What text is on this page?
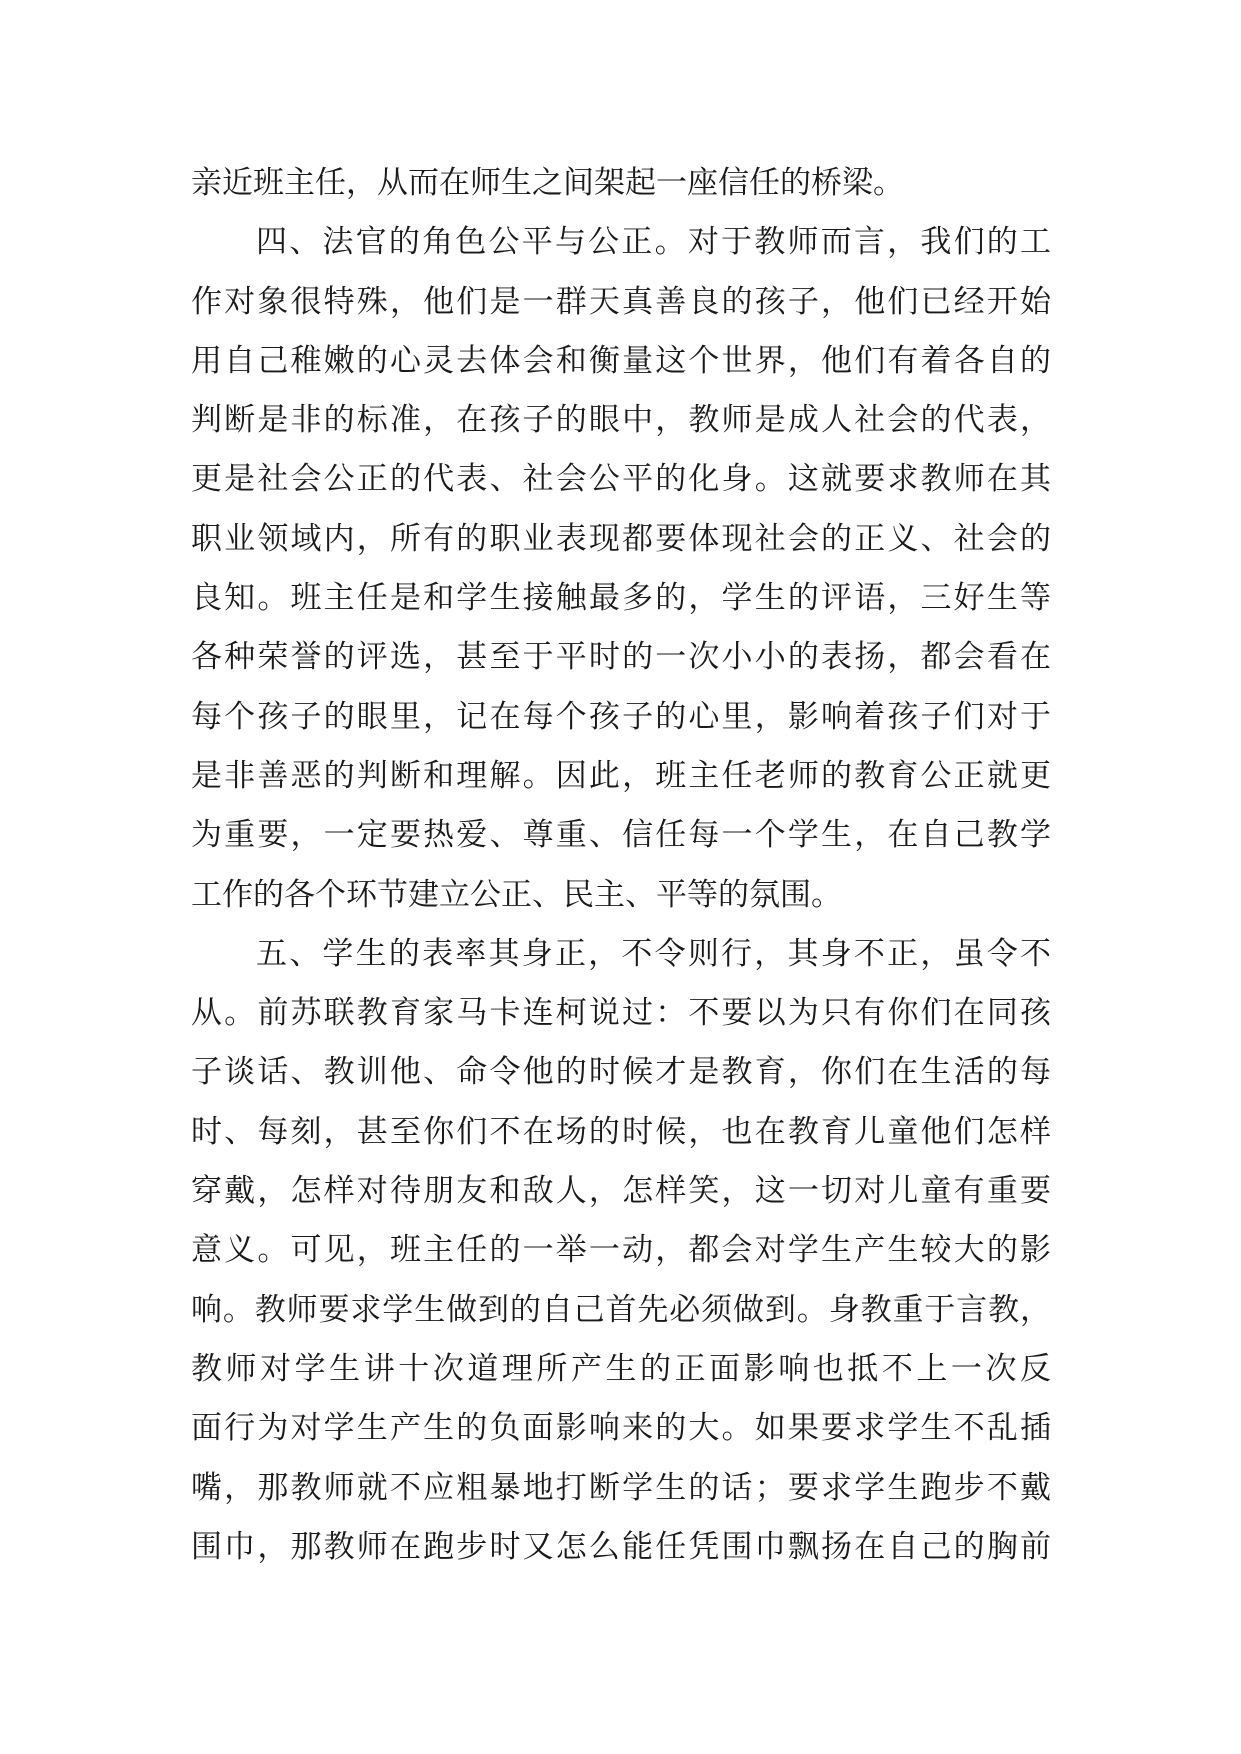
亲近班主任，从而在师生之间架起一座信任的桥梁。
四、法官的角色公平与公正。对于教师而言，我们的工
作对象很特殊，他们是一群天真善良的孩子，他们已经开始
用自己稚嫩的心灵去体会和衡量这个世界，他们有着各自的
判断是非的标准，在孩子的眼中，教师是成人社会的代表，
更是社会公正的代表、社会公平的化身。这就要求教师在其
职业领域内，所有的职业表现都要体现社会的正义、社会的
良知。班主任是和学生接触最多的，学生的评语，三好生等
各种荣誉的评选，甚至于平时的一次小小的表扬，都会看在
每个孩子的眼里，记在每个孩子的心里，影响着孩子们对于
是非善恶的判断和理解。因此，班主任老师的教育公正就更
为重要，一定要热爱、尊重、信任每一个学生，在自己教学
工作的各个环节建立公正、民主、平等的氛围。
五、学生的表率其身正，不令则行，其身不正，虽令不
从。前苏联教育家马卡连柯说过：不要以为只有你们在同孩
子谈话、教训他、命令他的时候才是教育，你们在生活的每
时、每刻，甚至你们不在场的时候，也在教育儿童他们怎样
穿戴，怎样对待朋友和敌人，怎样笑，这一切对儿童有重要
意义。可见，班主任的一举一动，都会对学生产生较大的影
响。教师要求学生做到的自己首先必须做到。身教重于言教，
教师对学生讲十次道理所产生的正面影响也抵不上一次反
面行为对学生产生的负面影响来的大。如果要求学生不乱插
嘴，那教师就不应粗暴地打断学生的话；要求学生跑步不戴
围巾，那教师在跑步时又怎么能任凭围巾飘扬在自己的胸前
